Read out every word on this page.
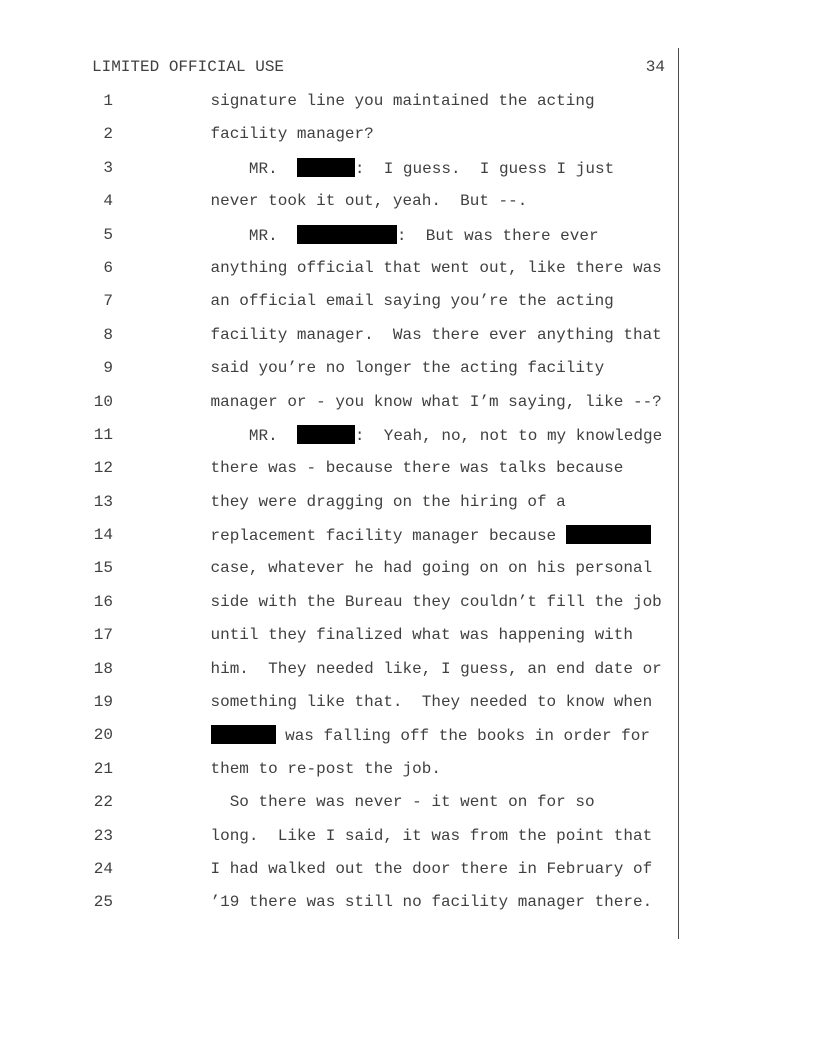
LIMITED OFFICIAL USE	34
1	signature line you maintained the acting
2	facility manager?
3	MR.	:  I guess.  I guess I just
4	never took it out, yeah.  But --.
5	MR.	:  But was there ever
6	anything official that went out, like there was
7	an official email saying you’re the acting
8	facility manager.  Was there ever anything that
9	said you’re no longer the acting facility
10	manager or - you know what I’m saying, like --?
11	MR.	:  Yeah, no, not to my knowledge
12	there was - because there was talks because
13	they were dragging on the hiring of a
14	replacement facility manager because
15	case, whatever he had going on on his personal
16	side with the Bureau they couldn’t fill the job
17	until they finalized what was happening with
18	him.  They needed like, I guess, an end date or
19	something like that.  They needed to know when
20	was falling off the books in order for
21	them to re-post the job.
22	So there was never - it went on for so
23	long.  Like I said, it was from the point that
24	I had walked out the door there in February of
25	’19 there was still no facility manager there.
